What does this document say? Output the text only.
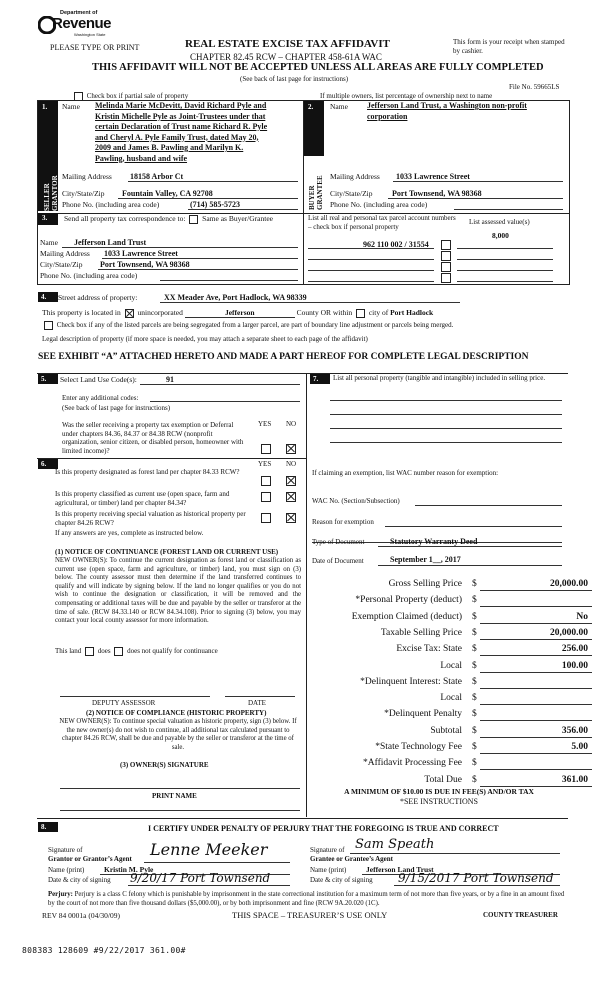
Department of
Revenue
Washington State
PLEASE TYPE OR PRINT	REAL ESTATE EXCISE TAX AFFIDAVIT
CHAPTER 82.45 RCW – CHAPTER 458-61A WAC
This form is your receipt when stamped by cashier.
THIS AFFIDAVIT WILL NOT BE ACCEPTED UNLESS ALL AREAS ARE FULLY COMPLETED
(See back of last page for instructions)
File No. 59665LS
Check box if partial sale of property	If multiple owners, list percentage of ownership next to name
1.
SELLER GRANTOR
Name Melinda Marie McDevitt, David Richard Pyle and
Kristin Michelle Pyle as Joint-Trustees under that
certain Declaration of Trust name Richard R. Pyle
and Cheryl A. Pyle Family Trust, dated May 20,
2009 and James B. Pawling and Marilyn K.
Pawling, husband and wife
Mailing Address 18158 Arbor Ct
City/State/Zip Fountain Valley, CA 92708
Phone No. (including area code)	(714) 585-5723
2.
BUYER GRANTEE
Name Jefferson Land Trust, a Washington non-profit
corporation
Mailing Address 1033 Lawrence Street
City/State/Zip Port Townsend, WA 98368
Phone No. (including area code)
3. Send all property tax correspondence to: Same as Buyer/Grantee
Name Jefferson Land Trust
Mailing Address 1033 Lawrence Street
City/State/Zip Port Townsend, WA 98368
Phone No. (including area code)
List all real and personal tax parcel account numbers – check box if personal property
List assessed value(s)
8,000
962 110 002 / 31554
4.	Street address of property:	XX Meader Ave, Port Hadlock, WA 98339
This property is located in unincorporated	Jefferson	County OR within city of Port Hadlock
Check box if any of the listed parcels are being segregated from a larger parcel, are part of boundary line adjustment or parcels being merged.
Legal description of property (if more space is needed, you may attach a separate sheet to each page of the affidavit)
SEE EXHIBIT “A” ATTACHED HERETO AND MADE A PART HEREOF FOR COMPLETE LEGAL DESCRIPTION
5.	Select Land Use Code(s):	91
Enter any additional codes:
(See back of last page for instructions)
YES NO
Was the seller receiving a property tax exemption or Deferral under chapters 84.36, 84.37 or 84.38 RCW (nonprofit organization, senior citizen, or disabled person, homeowner with limited income)?
6.	YES NO
Is this property designated as forest land per chapter 84.33 RCW?
Is this property classified as current use (open space, farm and agricultural, or timber) land per chapter 84.34?
Is this property receiving special valuation as historical property per chapter 84.26 RCW?
If any answers are yes, complete as instructed below.
(1) NOTICE OF CONTINUANCE (FOREST LAND OR CURRENT USE)
NEW OWNER(S): To continue the current designation as forest land or classification as current use (open space, farm and agriculture, or timber) land, you must sign on (3) below. The county assessor must then determine if the land transferred continues to qualify and will indicate by signing below. If the land no longer qualifies or you do not wish to continue the designation or classification, it will be removed and the compensating or additional taxes will be due and payable by the seller or transferor at the time of sale. (RCW 84.33.140 or RCW 84.34.108). Prior to signing (3) below, you may contact your local county assessor for more information.
This land does does not qualify for continuance
DEPUTY ASSESSOR	DATE
(2) NOTICE OF COMPLIANCE (HISTORIC PROPERTY)
NEW OWNER(S): To continue special valuation as historic property, sign (3) below. If the new owner(s) do not wish to continue, all additional tax calculated pursuant to chapter 84.26 RCW, shall be due and payable by the seller or transferor at the time of sale.
(3) OWNER(S) SIGNATURE
PRINT NAME
7.	List all personal property (tangible and intangible) included in selling price.
If claiming an exemption, list WAC number reason for exemption:
WAC No. (Section/Subsection)
Reason for exemption
Type of Document	Statutory Warranty Deed
Date of Document	September 1__, 2017
Gross Selling Price $	20,000.00
*Personal Property (deduct) $
Exemption Claimed (deduct) $	No
Taxable Selling Price $	20,000.00
Excise Tax: State $	256.00
Local $	100.00
*Delinquent Interest: State $
Local $
*Delinquent Penalty $
Subtotal $	356.00
*State Technology Fee $	5.00
*Affidavit Processing Fee $
Total Due $	361.00
A MINIMUM OF $10.00 IS DUE IN FEE(S) AND/OR TAX
*SEE INSTRUCTIONS
8.	I CERTIFY UNDER PENALTY OF PERJURY THAT THE FOREGOING IS TRUE AND CORRECT
Signature of
Grantor or Grantor’s Agent Lenne Meeker
Name (print)	Kristin M. Pyle
Date & city of signing 9/20/17 Port Townsend
Signature of Sam Speath
Grantee or Grantee’s Agent
Name (print)	Jefferson Land Trust
Date & city of signing 9/15/2017 Port Townsend
Perjury: Perjury is a class C felony which is punishable by imprisonment in the state correctional institution for a maximum term of not more than five years, or by a fine in an amount fixed by the court of not more than five thousand dollars ($5,000.00), or by both imprisonment and fine (RCW 9A.20.020 (1C).
REV 84 0001a (04/30/09)	THIS SPACE – TREASURER’S USE ONLY	COUNTY TREASURER
808383 128609 #9/22/2017 361.00#
